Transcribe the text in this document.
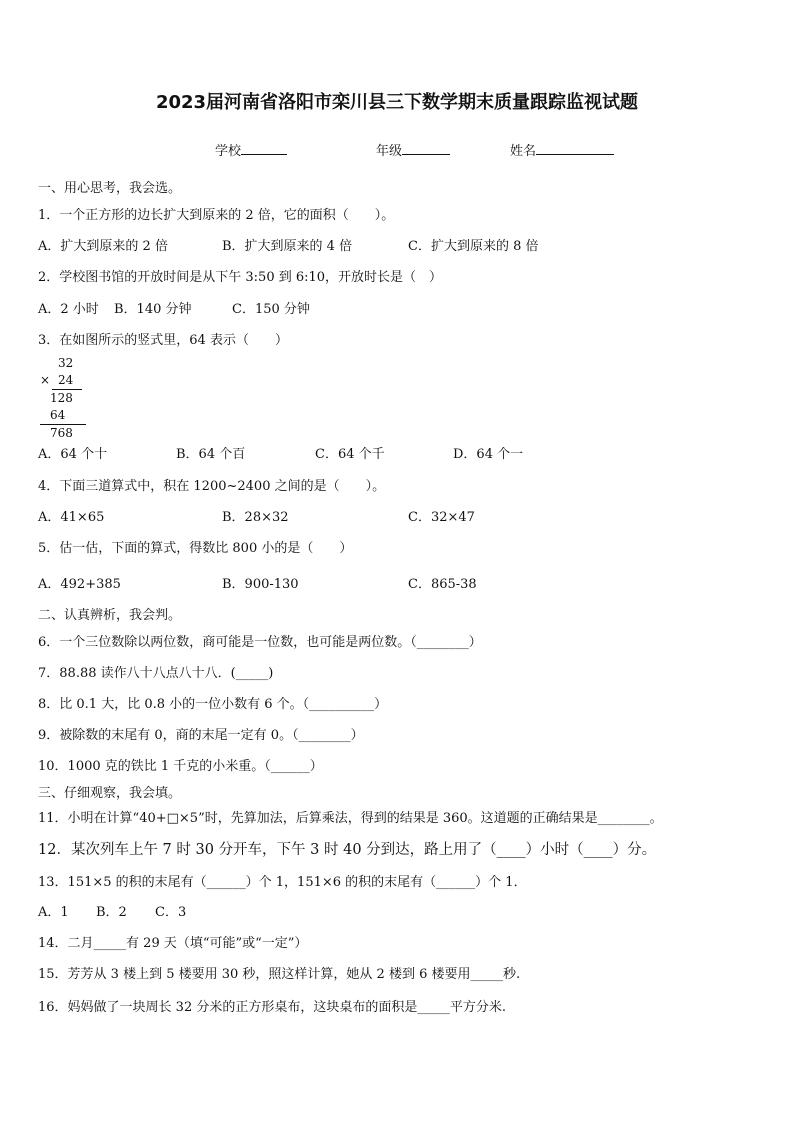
2023届河南省洛阳市栾川县三下数学期末质量跟踪监视试题
学校	年级	姓名
一、用心思考，我会选。
1．一个正方形的边长扩大到原来的 2 倍，它的面积（　　）。
A．扩大到原来的 2 倍	B．扩大到原来的 4 倍	C．扩大到原来的 8 倍
2．学校图书馆的开放时间是从下午 3:50 到 6:10，开放时长是（　）
A．2 小时 B．140 分钟	C．150 分钟
3．在如图所示的竖式里，64 表示（　　）
32
× 24
128
64
768
A．64 个十	B．64 个百	C．64 个千	D．64 个一
4．下面三道算式中，积在 1200~2400 之间的是（　　）。
A．41×65	B．28×32	C．32×47
5．估一估，下面的算式，得数比 800 小的是（　　）
A．492+385	B．900-130	C．865-38
二、认真辨析，我会判。
6．一个三位数除以两位数，商可能是一位数，也可能是两位数。（________）
7．88.88 读作八十八点八十八．(_____)
8．比 0.1 大，比 0.8 小的一位小数有 6 个。（__________）
9．被除数的末尾有 0，商的末尾一定有 0。（________）
10．1000 克的铁比 1 千克的小米重。（______）
三、仔细观察，我会填。
11．小明在计算“40+□×5”时，先算加法，后算乘法，得到的结果是 360。这道题的正确结果是________。
12．某次列车上午 7 时 30 分开车，下午 3 时 40 分到达，路上用了（____）小时（____）分。
13．151×5 的积的末尾有（______）个 1，151×6 的积的末尾有（______）个 1．
A．1 B．2 C．3
14．二月_____有 29 天（填“可能”或“一定”）
15．芳芳从 3 楼上到 5 楼要用 30 秒，照这样计算，她从 2 楼到 6 楼要用_____秒.
16．妈妈做了一块周长 32 分米的正方形桌布，这块桌布的面积是_____平方分米.
